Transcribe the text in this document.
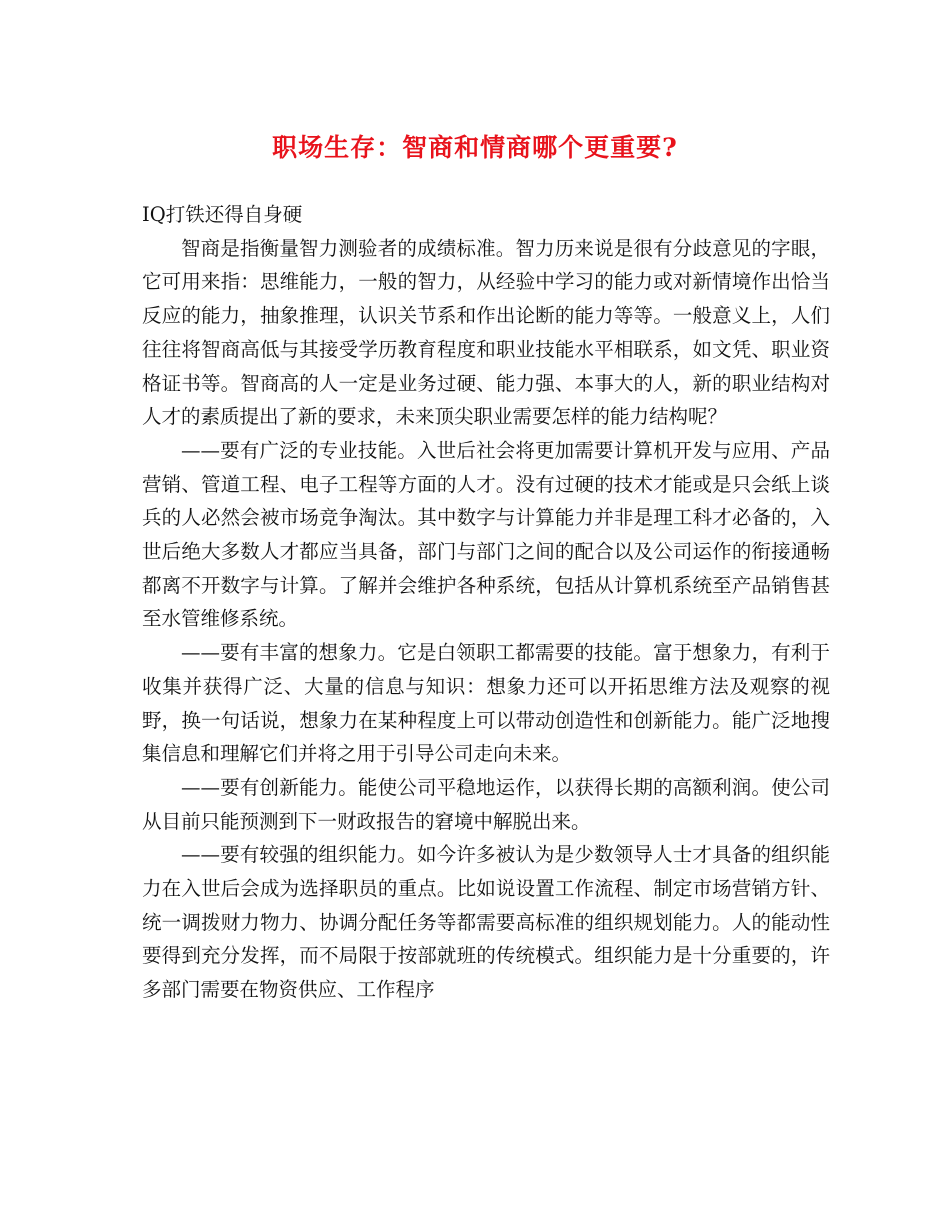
职场生存：智商和情商哪个更重要?

IQ打铁还得自身硬

智商是指衡量智力测验者的成绩标准。智力历来说是很有分歧意见的字眼，它可用来指：思维能力，一般的智力，从经验中学习的能力或对新情境作出恰当反应的能力，抽象推理，认识关节系和作出论断的能力等等。一般意义上，人们往往将智商高低与其接受学历教育程度和职业技能水平相联系，如文凭、职业资格证书等。智商高的人一定是业务过硬、能力强、本事大的人，新的职业结构对人才的素质提出了新的要求，未来顶尖职业需要怎样的能力结构呢？

——要有广泛的专业技能。入世后社会将更加需要计算机开发与应用、产品营销、管道工程、电子工程等方面的人才。没有过硬的技术才能或是只会纸上谈兵的人必然会被市场竞争淘汰。其中数字与计算能力并非是理工科才必备的，入世后绝大多数人才都应当具备，部门与部门之间的配合以及公司运作的衔接通畅都离不开数字与计算。了解并会维护各种系统，包括从计算机系统至产品销售甚至水管维修系统。

——要有丰富的想象力。它是白领职工都需要的技能。富于想象力，有利于收集并获得广泛、大量的信息与知识：想象力还可以开拓思维方法及观察的视野，换一句话说，想象力在某种程度上可以带动创造性和创新能力。能广泛地搜集信息和理解它们并将之用于引导公司走向未来。

——要有创新能力。能使公司平稳地运作，以获得长期的高额利润。使公司从目前只能预测到下一财政报告的窘境中解脱出来。

——要有较强的组织能力。如今许多被认为是少数领导人士才具备的组织能力在入世后会成为选择职员的重点。比如说设置工作流程、制定市场营销方针、统一调拨财力物力、协调分配任务等都需要高标准的组织规划能力。人的能动性要得到充分发挥，而不局限于按部就班的传统模式。组织能力是十分重要的，许多部门需要在物资供应、工作程序
